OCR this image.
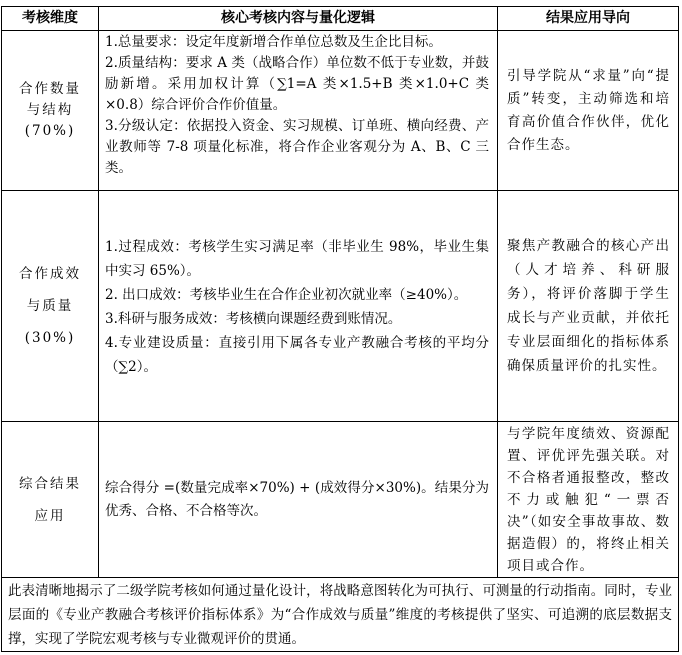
考核维度	核心考核内容与量化逻辑	结果应用导向
合作数量
与结构
(70%)

1.总量要求：设定年度新增合作单位总数及生企比目标。

2.质量结构：要求 A 类（战略合作）单位数不低于专业数，并鼓励新增。采用加权计算（∑1=A 类×1.5+B 类×1.0+C 类×0.8）综合评价合作价值量。

3.分级认定：依据投入资金、实习规模、订单班、横向经费、产业教师等 7-8 项量化标准，将合作企业客观分为 A、B、C 三类。

引导学院从“求量”向“提质”转变，主动筛选和培育高价值合作伙伴，优化合作生态。

合作成效
与质量
(30%)

1.过程成效：考核学生实习满足率（非毕业生 98%，毕业生集中实习 65%）。

2. 出口成效：考核毕业生在合作企业初次就业率（≥40%）。

3.科研与服务成效：考核横向课题经费到账情况。

4.专业建设质量：直接引用下属各专业产教融合考核的平均分（∑2）。

聚焦产教融合的核心产出（人才培养、科研服务），将评价落脚于学生成长与产业贡献，并依托专业层面细化的指标体系确保质量评价的扎实性。

综合结果
应用

综合得分 =(数量完成率×70%) + (成效得分×30%)。结果分为优秀、合格、不合格等次。

与学院年度绩效、资源配置、评优评先强关联。对不合格者通报整改，整改不力或触犯“一票否决”（如安全事故事故、数据造假）的，将终止相关项目或合作。

此表清晰地揭示了二级学院考核如何通过量化设计，将战略意图转化为可执行、可测量的行动指南。同时，专业层面的《专业产教融合考核评价指标体系》为“合作成效与质量”维度的考核提供了坚实、可追溯的底层数据支撑，实现了学院宏观考核与专业微观评价的贯通。
